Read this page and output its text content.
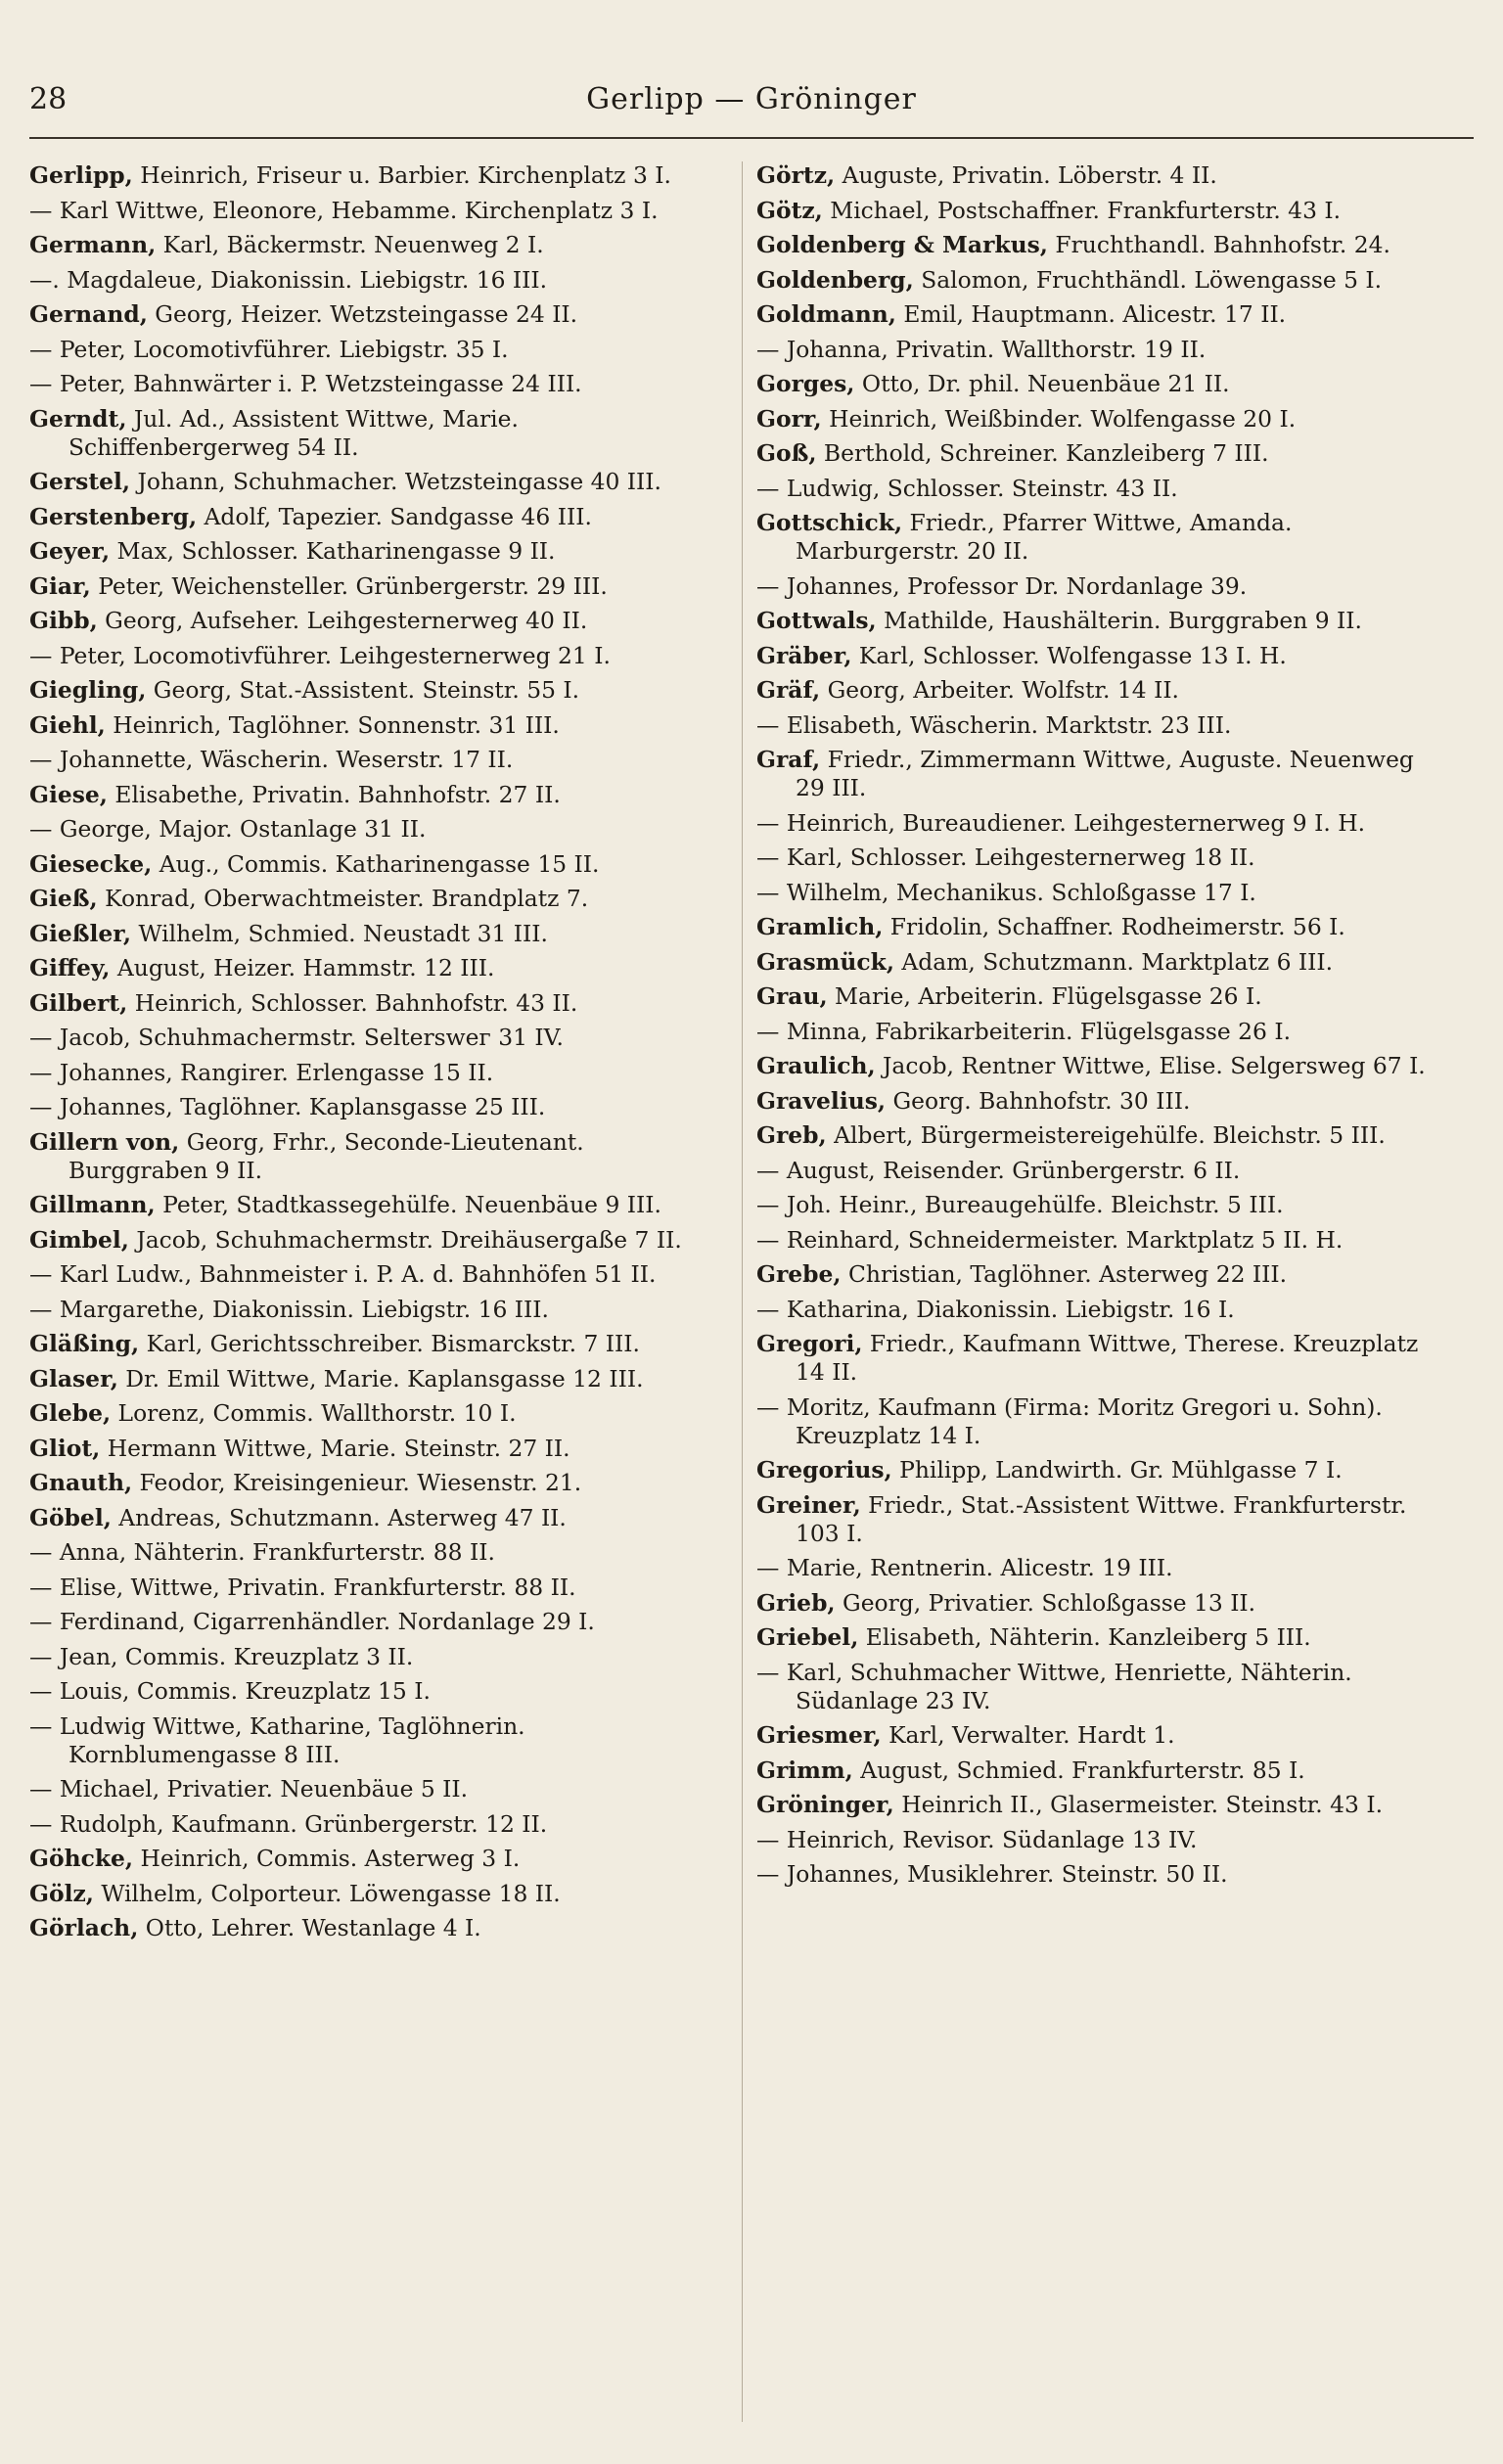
28	Gerlipp — Gröninger

Gerlipp, Heinrich, Friseur u. Barbier. Kirchenplatz 3 I.

— Karl Wittwe, Eleonore, Hebamme. Kirchenplatz 3 I.

Germann, Karl, Bäckermstr. Neuenweg 2 I.

—. Magdaleue, Diakonissin. Liebigstr. 16 III.

Gernand, Georg, Heizer. Wetzsteingasse 24 II.

— Peter, Locomotivführer. Liebigstr. 35 I.

— Peter, Bahnwärter i. P. Wetzsteingasse 24 III.

Gerndt, Jul. Ad., Assistent Wittwe, Marie. Schiffenbergerweg 54 II.

Gerstel, Johann, Schuhmacher. Wetzsteingasse 40 III.

Gerstenberg, Adolf, Tapezier. Sandgasse 46 III.

Geyer, Max, Schlosser. Katharinengasse 9 II.

Giar, Peter, Weichensteller. Grünbergerstr. 29 III.

Gibb, Georg, Aufseher. Leihgesternerweg 40 II.

— Peter, Locomotivführer. Leihgesternerweg 21 I.

Giegling, Georg, Stat.-Assistent. Steinstr. 55 I.

Giehl, Heinrich, Taglöhner. Sonnenstr. 31 III.

— Johannette, Wäscherin. Weserstr. 17 II.

Giese, Elisabethe, Privatin. Bahnhofstr. 27 II.

— George, Major. Ostanlage 31 II.

Giesecke, Aug., Commis. Katharinengasse 15 II.

Gieß, Konrad, Oberwachtmeister. Brandplatz 7.

Gießler, Wilhelm, Schmied. Neustadt 31 III.

Giffey, August, Heizer. Hammstr. 12 III.

Gilbert, Heinrich, Schlosser. Bahnhofstr. 43 II.

— Jacob, Schuhmachermstr. Selterswег 31 IV.

— Johannes, Rangirer. Erlengasse 15 II.

— Johannes, Taglöhner. Kaplansgasse 25 III.

Gillern von, Georg, Frhr., Seconde-Lieutenant. Burggraben 9 II.

Gillmann, Peter, Stadtkassegehülfe. Neuenbäue 9 III.

Gimbel, Jacob, Schuhmachermstr. Dreihäusergaße 7 II.

— Karl Ludw., Bahnmeister i. P. A. d. Bahnhöfen 51 II.

— Margarethe, Diakonissin. Liebigstr. 16 III.

Gläßing, Karl, Gerichtsschreiber. Bismarckstr. 7 III.

Glaser, Dr. Emil Wittwe, Marie. Kaplansgasse 12 III.

Glebe, Lorenz, Commis. Wallthorstr. 10 I.

Gliot, Hermann Wittwe, Marie. Steinstr. 27 II.

Gnauth, Feodor, Kreisingenieur. Wiesenstr. 21.

Göbel, Andreas, Schutzmann. Asterweg 47 II.

— Anna, Nähterin. Frankfurterstr. 88 II.

— Elise, Wittwe, Privatin. Frankfurterstr. 88 II.

— Ferdinand, Cigarrenhändler. Nordanlage 29 I.

— Jean, Commis. Kreuzplatz 3 II.

— Louis, Commis. Kreuzplatz 15 I.

— Ludwig Wittwe, Katharine, Taglöhnerin. Kornblumengasse 8 III.

— Michael, Privatier. Neuenbäue 5 II.

— Rudolph, Kaufmann. Grünbergerstr. 12 II.

Göhcke, Heinrich, Commis. Asterweg 3 I.

Gölz, Wilhelm, Colporteur. Löwengasse 18 II.

Görlach, Otto, Lehrer. Westanlage 4 I.

Görtz, Auguste, Privatin. Löberstr. 4 II.

Götz, Michael, Postschaffner. Frankfurterstr. 43 I.

Goldenberg & Markus, Fruchthandl. Bahnhofstr. 24.

Goldenberg, Salomon, Fruchthändl. Löwengasse 5 I.

Goldmann, Emil, Hauptmann. Alicestr. 17 II.

— Johanna, Privatin. Wallthorstr. 19 II.

Gorges, Otto, Dr. phil. Neuenbäue 21 II.

Gorr, Heinrich, Weißbinder. Wolfengasse 20 I.

Goß, Berthold, Schreiner. Kanzleiberg 7 III.

— Ludwig, Schlosser. Steinstr. 43 II.

Gottschick, Friedr., Pfarrer Wittwe, Amanda. Marburgerstr. 20 II.

— Johannes, Professor Dr. Nordanlage 39.

Gottwals, Mathilde, Haushälterin. Burggraben 9 II.

Gräber, Karl, Schlosser. Wolfengasse 13 I. H.

Gräf, Georg, Arbeiter. Wolfstr. 14 II.

— Elisabeth, Wäscherin. Marktstr. 23 III.

Graf, Friedr., Zimmermann Wittwe, Auguste. Neuenweg 29 III.

— Heinrich, Bureaudiener. Leihgesternerweg 9 I. H.

— Karl, Schlosser. Leihgesternerweg 18 II.

— Wilhelm, Mechanikus. Schloßgasse 17 I.

Gramlich, Fridolin, Schaffner. Rodheimerstr. 56 I.

Grasmück, Adam, Schutzmann. Marktplatz 6 III.

Grau, Marie, Arbeiterin. Flügelsgasse 26 I.

— Minna, Fabrikarbeiterin. Flügelsgasse 26 I.

Graulich, Jacob, Rentner Wittwe, Elise. Selgersweg 67 I.

Gravelius, Georg. Bahnhofstr. 30 III.

Greb, Albert, Bürgermeistereigehülfe. Bleichstr. 5 III.

— August, Reisender. Grünbergerstr. 6 II.

— Joh. Heinr., Bureaugehülfe. Bleichstr. 5 III.

— Reinhard, Schneidermeister. Marktplatz 5 II. H.

Grebe, Christian, Taglöhner. Asterweg 22 III.

— Katharina, Diakonissin. Liebigstr. 16 I.

Gregori, Friedr., Kaufmann Wittwe, Therese. Kreuzplatz 14 II.

— Moritz, Kaufmann (Firma: Moritz Gregori u. Sohn). Kreuzplatz 14 I.

Gregorius, Philipp, Landwirth. Gr. Mühlgasse 7 I.

Greiner, Friedr., Stat.-Assistent Wittwe. Frankfurterstr. 103 I.

— Marie, Rentnerin. Alicestr. 19 III.

Grieb, Georg, Privatier. Schloßgasse 13 II.

Griebel, Elisabeth, Nähterin. Kanzleiberg 5 III.

— Karl, Schuhmacher Wittwe, Henriette, Nähterin. Südanlage 23 IV.

Griesmer, Karl, Verwalter. Hardt 1.

Grimm, August, Schmied. Frankfurterstr. 85 I.

Gröninger, Heinrich II., Glasermeister. Steinstr. 43 I.

— Heinrich, Revisor. Südanlage 13 IV.

— Johannes, Musiklehrer. Steinstr. 50 II.
